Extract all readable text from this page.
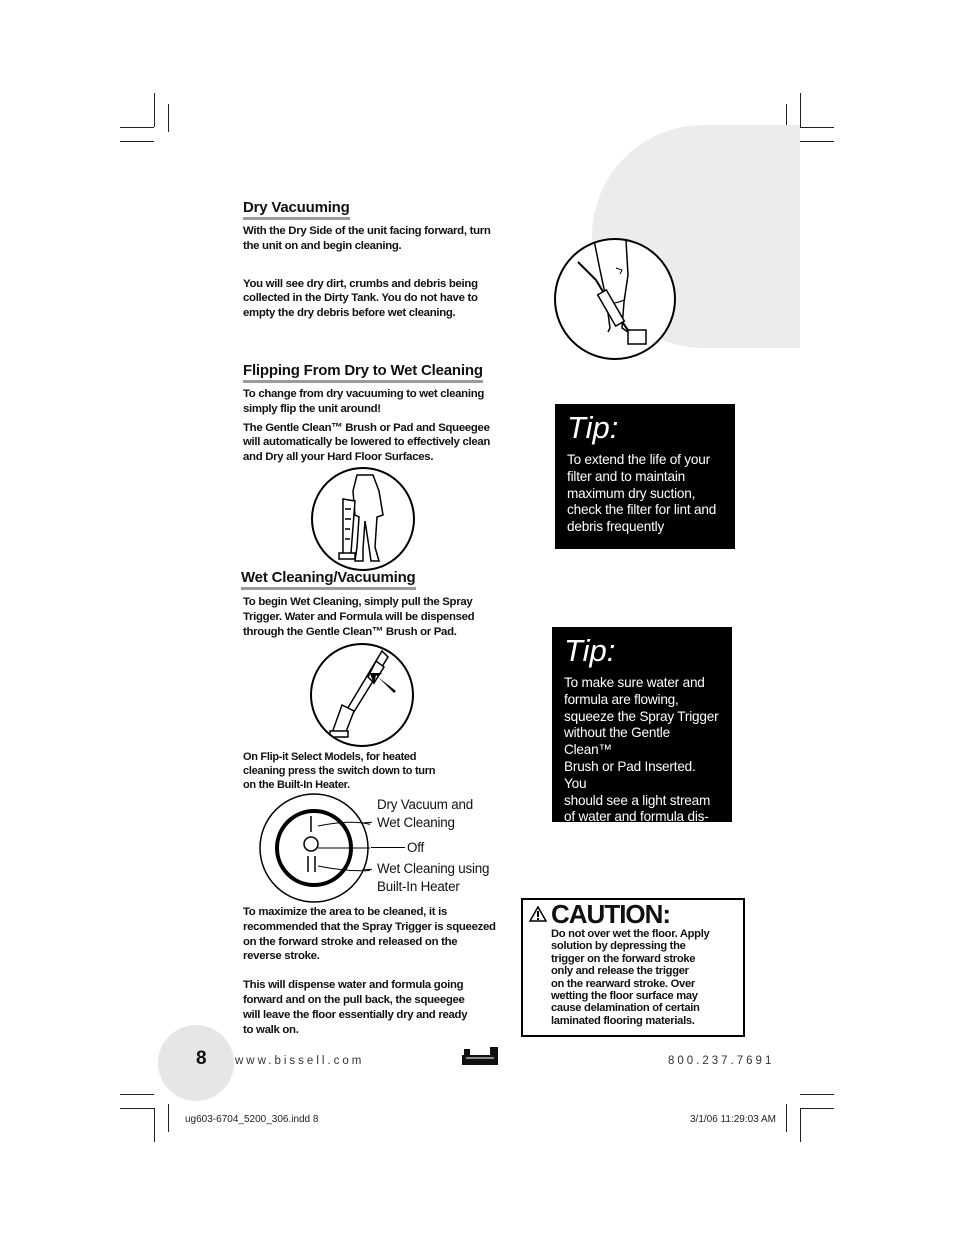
Dry Vacuuming
With the Dry Side of the unit facing forward, turn
the unit on and begin cleaning.
You will see dry dirt, crumbs and debris being
collected in the Dirty Tank. You do not have to
empty the dry debris before wet cleaning.
Tip:
To extend the life of your
filter and to maintain
maximum dry suction,
check the filter for lint and
debris frequently
Flipping From Dry to Wet Cleaning
To change from dry vacuuming to wet cleaning
simply flip the unit around!
The Gentle Clean™ Brush or Pad and Squeegee
will automatically be lowered to effectively clean
and Dry all your Hard Floor Surfaces.
Wet Cleaning/Vacuuming
To begin Wet Cleaning, simply pull the Spray
Trigger. Water and Formula will be dispensed
through the Gentle Clean™ Brush or Pad.
On Flip-it Select Models, for heated
cleaning press the switch down to turn
on the Built-In Heater.
Dry Vacuum and
Wet Cleaning
Off
Wet Cleaning using
Built-In Heater
Tip:
To make sure water and
formula are flowing,
squeeze the Spray Trigger
without the Gentle Clean™
Brush or Pad Inserted. You
should see a light stream
of water and formula dis-
pensed unto the floor.
To maximize the area to be cleaned, it is
recommended that the Spray Trigger is squeezed
on the forward stroke and released on the
reverse stroke.
This will dispense water and formula going
forward and on the pull back, the squeegee
will leave the floor essentially dry and ready
to walk on.
CAUTION:
Do not over wet the floor. Apply
solution by depressing the
trigger on the forward stroke
only and release the trigger
on the rearward stroke. Over
wetting the floor surface may
cause delamination of certain
laminated flooring materials.
8 www.bissell.com	800.237.7691
ug603-6704_5200_306.indd 8	3/1/06 11:29:03 AM
